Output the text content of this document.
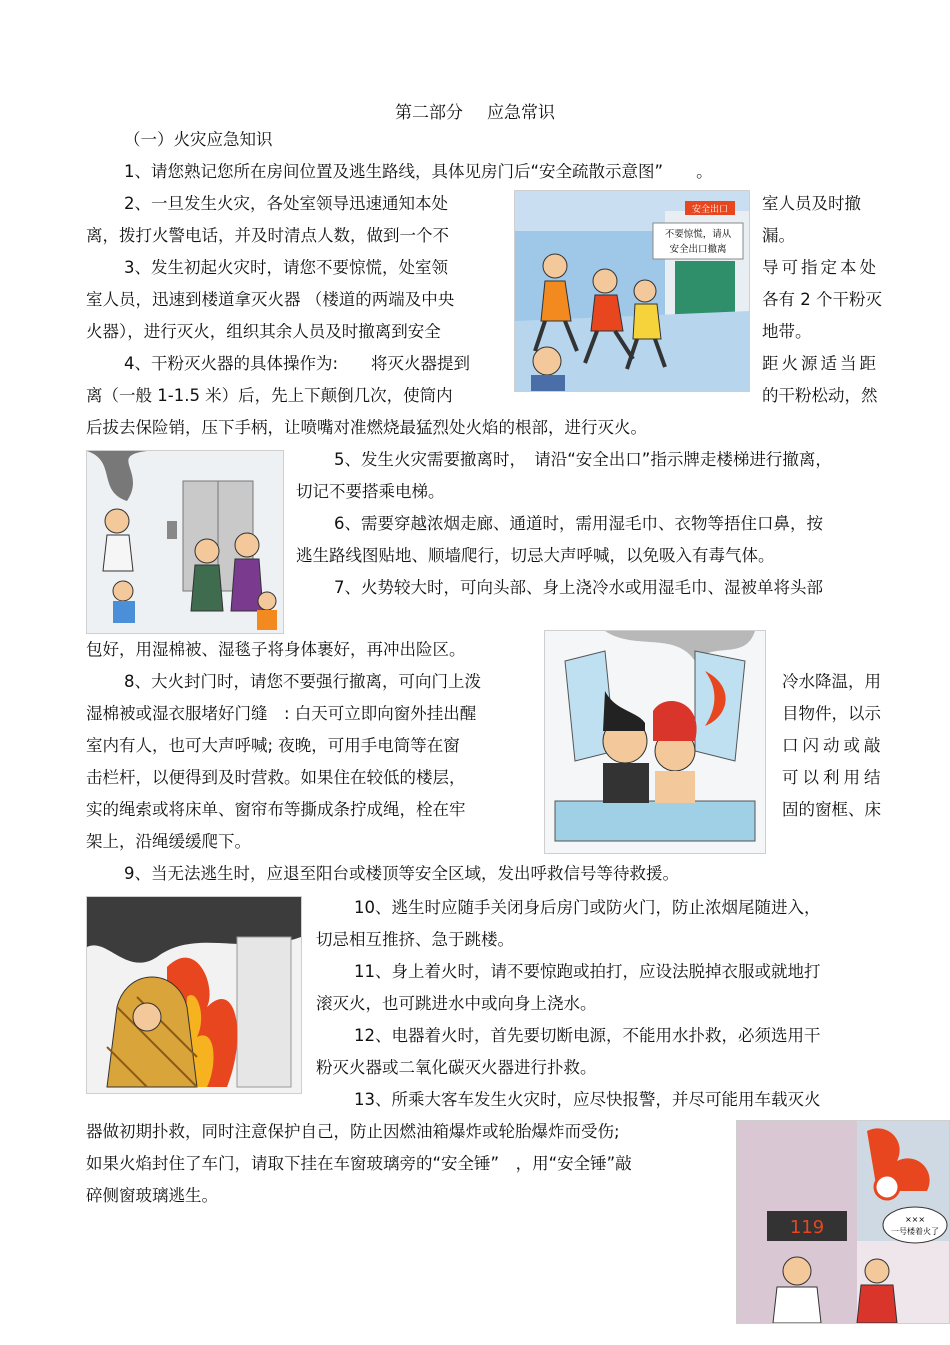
第二部分 应急常识
（一）火灾应急知识
1、请您熟记您所在房间位置及逃生路线，具体见房门后“安全疏散示意图”　　。
2、一旦发生火灾，各处室领导迅速通知本处	室人员及时撤
离，拨打火警电话，并及时清点人数，做到一个不	漏。
3、发生初起火灾时，请您不要惊慌，处室领	导可指定本处
室人员，迅速到楼道拿灭火器 （楼道的两端及中央	各有 2 个干粉灭
火器），进行灭火，组织其余人员及时撤离到安全	地带。
4、干粉灭火器的具体操作为:　　将灭火器提到	距火源适当距
离（一般 1-1.5 米）后，先上下颠倒几次，使筒内	的干粉松动，然
后拔去保险销，压下手柄，让喷嘴对准燃烧最猛烈处火焰的根部，进行灭火。
安全出口
不要惊慌，请从
安全出口撤离
5、发生火灾需要撤离时，　请沿“安全出口”指示牌走楼梯进行撤离，
切记不要搭乘电梯。
6、需要穿越浓烟走廊、通道时，需用湿毛巾、衣物等捂住口鼻，按
逃生路线图贴地、顺墙爬行，切忌大声呼喊，以免吸入有毒气体。
7、火势较大时，可向头部、身上浇冷水或用湿毛巾、湿被单将头部
包好，用湿棉被、湿毯子将身体裹好，再冲出险区。
8、大火封门时，请您不要强行撤离，可向门上泼	冷水降温，用
湿棉被或湿衣服堵好门缝　: 白天可立即向窗外挂出醒	目物件，以示
室内有人，也可大声呼喊; 夜晚，可用手电筒等在窗	口闪动或敲
击栏杆，以便得到及时营救。如果住在较低的楼层，	可以利用结
实的绳索或将床单、窗帘布等撕成条拧成绳，栓在牢	固的窗框、床
架上，沿绳缓缓爬下。
9、当无法逃生时，应退至阳台或楼顶等安全区域，发出呼救信号等待救援。
10、逃生时应随手关闭身后房门或防火门，防止浓烟尾随进入，
切忌相互推挤、急于跳楼。
11、身上着火时，请不要惊跑或拍打，应设法脱掉衣服或就地打
滚灭火，也可跳进水中或向身上浇水。
12、电器着火时，首先要切断电源，不能用水扑救，必须选用干
粉灭火器或二氧化碳灭火器进行扑救。
13、所乘大客车发生火灾时，应尽快报警，并尽可能用车载灭火
器做初期扑救，同时注意保护自己，防止因燃油箱爆炸或轮胎爆炸而受伤;
如果火焰封住了车门，请取下挂在车窗玻璃旁的“安全锤”　，用“安全锤”敲
碎侧窗玻璃逃生。
119	×××
一号楼着火了
